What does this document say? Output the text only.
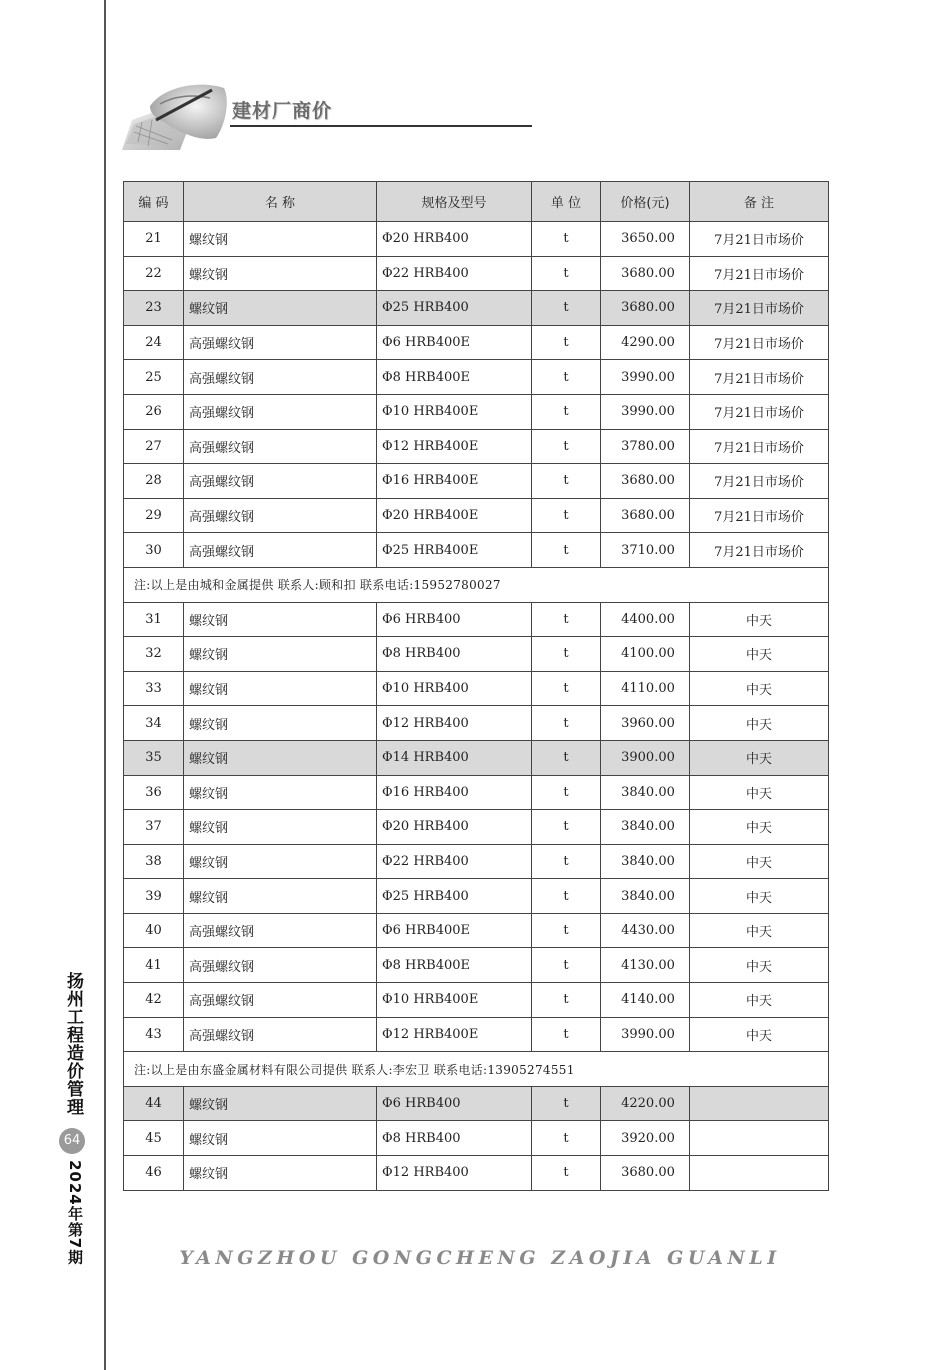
扬州工程造价管理
64
2024年第7期
建材厂商价
编 码	名 称	规格及型号	单 位	价格(元)	备 注
21	螺纹钢	Φ20 HRB400	t	3650.00	7月21日市场价
22	螺纹钢	Φ22 HRB400	t	3680.00	7月21日市场价
23	螺纹钢	Φ25 HRB400	t	3680.00	7月21日市场价
24	高强螺纹钢	Φ6 HRB400E	t	4290.00	7月21日市场价
25	高强螺纹钢	Φ8 HRB400E	t	3990.00	7月21日市场价
26	高强螺纹钢	Φ10 HRB400E	t	3990.00	7月21日市场价
27	高强螺纹钢	Φ12 HRB400E	t	3780.00	7月21日市场价
28	高强螺纹钢	Φ16 HRB400E	t	3680.00	7月21日市场价
29	高强螺纹钢	Φ20 HRB400E	t	3680.00	7月21日市场价
30	高强螺纹钢	Φ25 HRB400E	t	3710.00	7月21日市场价
注:以上是由城和金属提供 联系人:顾和扣 联系电话:15952780027					
31	螺纹钢	Φ6 HRB400	t	4400.00	中天
32	螺纹钢	Φ8 HRB400	t	4100.00	中天
33	螺纹钢	Φ10 HRB400	t	4110.00	中天
34	螺纹钢	Φ12 HRB400	t	3960.00	中天
35	螺纹钢	Φ14 HRB400	t	3900.00	中天
36	螺纹钢	Φ16 HRB400	t	3840.00	中天
37	螺纹钢	Φ20 HRB400	t	3840.00	中天
38	螺纹钢	Φ22 HRB400	t	3840.00	中天
39	螺纹钢	Φ25 HRB400	t	3840.00	中天
40	高强螺纹钢	Φ6 HRB400E	t	4430.00	中天
41	高强螺纹钢	Φ8 HRB400E	t	4130.00	中天
42	高强螺纹钢	Φ10 HRB400E	t	4140.00	中天
43	高强螺纹钢	Φ12 HRB400E	t	3990.00	中天
注:以上是由东盛金属材料有限公司提供 联系人:李宏卫 联系电话:13905274551					
44	螺纹钢	Φ6 HRB400	t	4220.00	
45	螺纹钢	Φ8 HRB400	t	3920.00	
46	螺纹钢	Φ12 HRB400	t	3680.00	
YANGZHOU GONGCHENG ZAOJIA GUANLI
